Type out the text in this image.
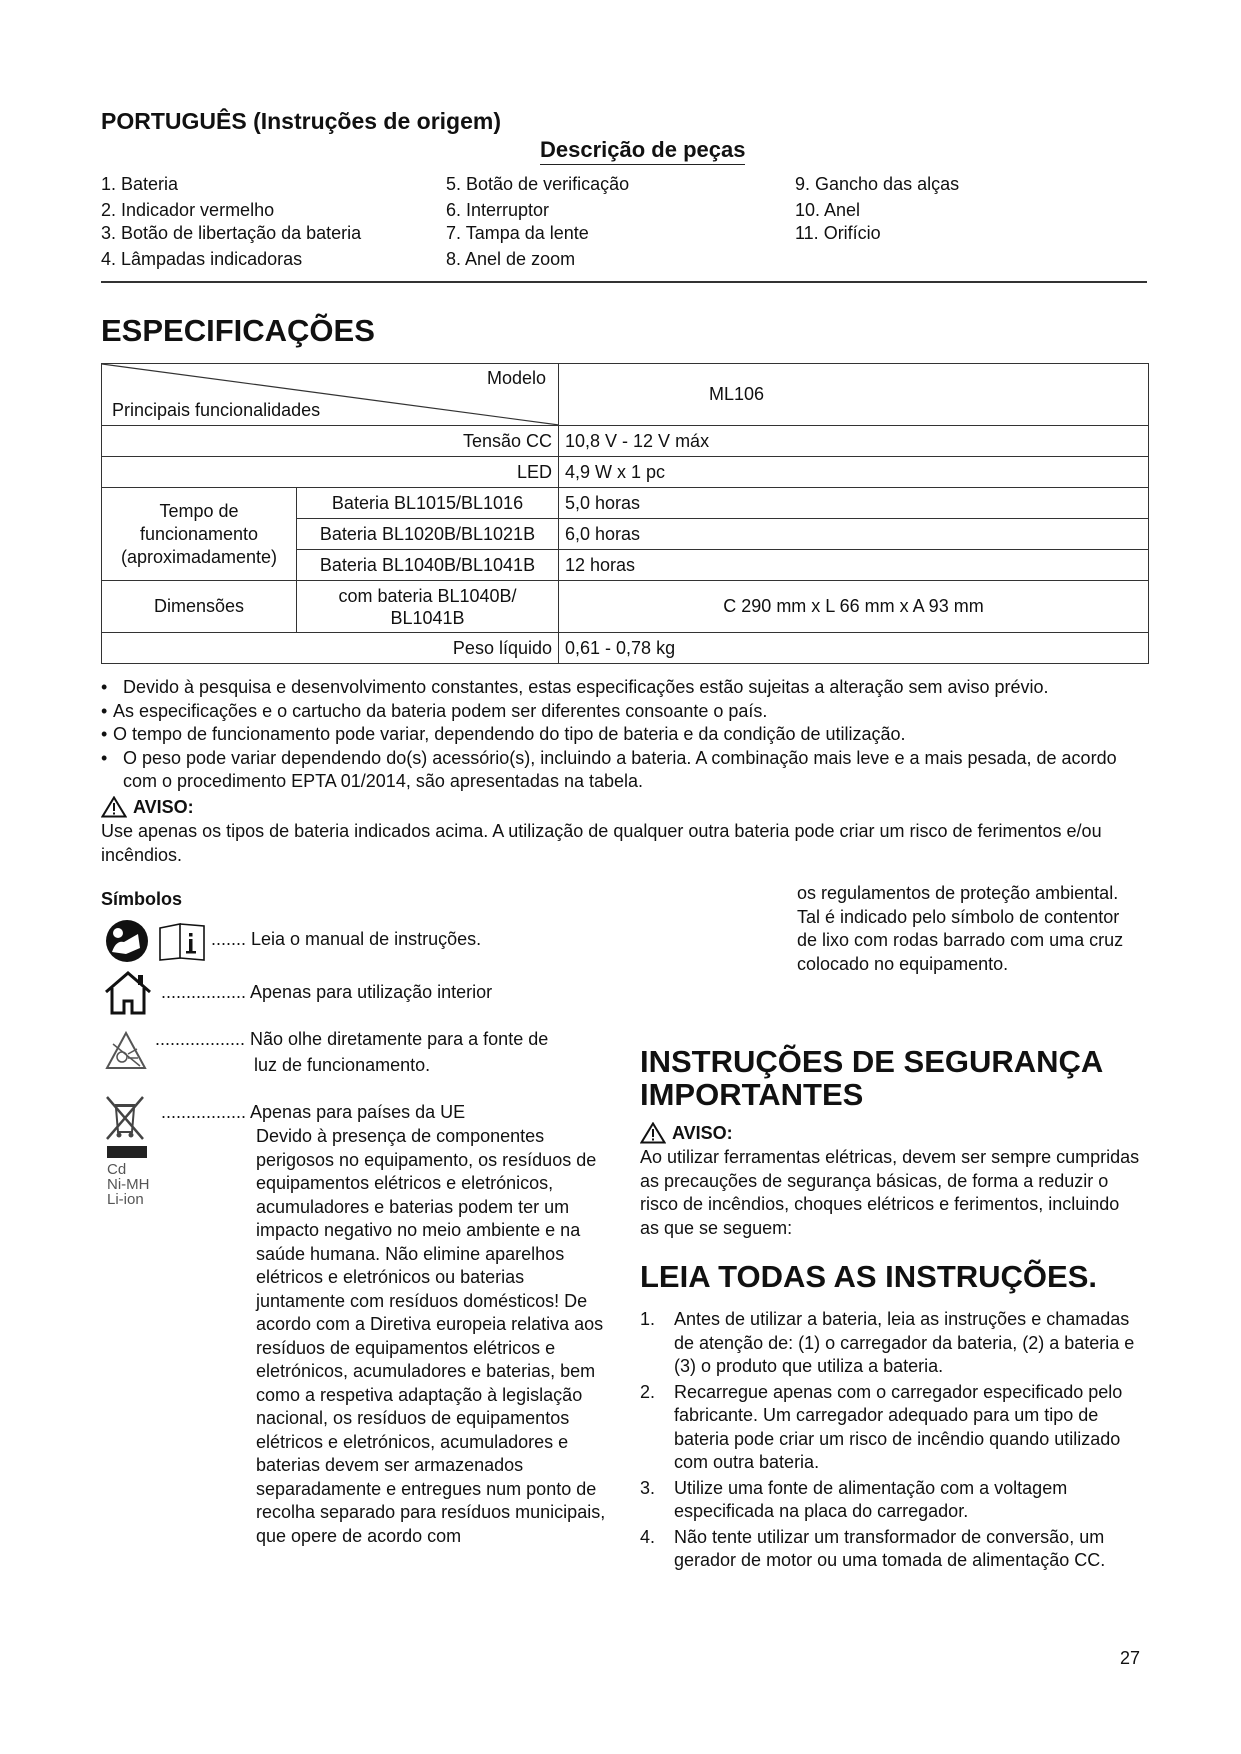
PORTUGUÊS (Instruções de origem)
Descrição de peças
1. Bateria
2. Indicador vermelho
3. Botão de libertação da bateria
4. Lâmpadas indicadoras
5. Botão de verificação
6. Interruptor
7. Tampa da lente
8. Anel de zoom
9. Gancho das alças
10. Anel
11. Orifício
ESPECIFICAÇÕES
Modelo
Principais funcionalidades		ML106
Tensão CC		10,8 V - 12 V máx
LED		4,9 W x 1 pc
Tempo de funcionamento (aproximadamente)	Bateria BL1015/BL1016	5,0 horas
	Bateria BL1020B/BL1021B	6,0 horas
	Bateria BL1040B/BL1041B	12 horas
Dimensões	com bateria BL1040B/ BL1041B	C 290 mm x L 66 mm x A 93 mm
Peso líquido		0,61 - 0,78 kg
• Devido à pesquisa e desenvolvimento constantes, estas especificações estão sujeitas a alteração sem aviso prévio.
• As especificações e o cartucho da bateria podem ser diferentes consoante o país.
• O tempo de funcionamento pode variar, dependendo do tipo de bateria e da condição de utilização.
• O peso pode variar dependendo do(s) acessório(s), incluindo a bateria. A combinação mais leve e a mais pesada, de acordo com o procedimento EPTA 01/2014, são apresentadas na tabela.
AVISO:
Use apenas os tipos de bateria indicados acima. A utilização de qualquer outra bateria pode criar um risco de ferimentos e/ou incêndios.
Símbolos
....... Leia o manual de instruções.
................. Apenas para utilização interior
.................. Não olhe diretamente para a fonte de
luz de funcionamento.
Cd
Ni-MH
Li-ion
................. Apenas para países da UE
Devido à presença de componentes perigosos no equipamento, os resíduos de equipamentos elétricos e eletrónicos, acumuladores e baterias podem ter um impacto negativo no meio ambiente e na saúde humana. Não elimine aparelhos elétricos e eletrónicos ou baterias juntamente com resíduos domésticos! De acordo com a Diretiva europeia relativa aos resíduos de equipamentos elétricos e eletrónicos, acumuladores e baterias, bem como a respetiva adaptação à legislação nacional, os resíduos de equipamentos elétricos e eletrónicos, acumuladores e baterias devem ser armazenados separadamente e entregues num ponto de recolha separado para resíduos municipais, que opere de acordo com
os regulamentos de proteção ambiental. Tal é indicado pelo símbolo de contentor de lixo com rodas barrado com uma cruz colocado no equipamento.
INSTRUÇÕES DE SEGURANÇA IMPORTANTES
AVISO:
Ao utilizar ferramentas elétricas, devem ser sempre cumpridas as precauções de segurança básicas, de forma a reduzir o risco de incêndios, choques elétricos e ferimentos, incluindo as que se seguem:
LEIA TODAS AS INSTRUÇÕES.
1. Antes de utilizar a bateria, leia as instruções e chamadas de atenção de: (1) o carregador da bateria, (2) a bateria e (3) o produto que utiliza a bateria.
2. Recarregue apenas com o carregador especificado pelo fabricante. Um carregador adequado para um tipo de bateria pode criar um risco de incêndio quando utilizado com outra bateria.
3. Utilize uma fonte de alimentação com a voltagem especificada na placa do carregador.
4. Não tente utilizar um transformador de conversão, um gerador de motor ou uma tomada de alimentação CC.
27
